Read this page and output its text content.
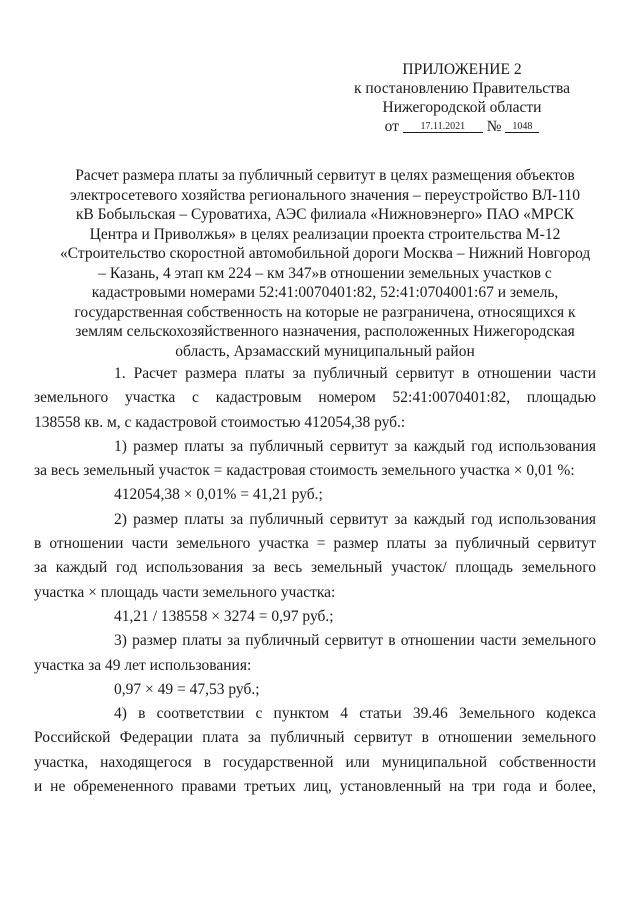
ПРИЛОЖЕНИЕ 2
к постановлению Правительства
Нижегородской области
от 17.11.2021 № 1048
Расчет размера платы за публичный сервитут в целях размещения объектов
электросетевого хозяйства регионального значения – переустройство ВЛ-110
кВ Бобыльская – Суроватиха, АЭС филиала «Нижновэнерго» ПАО «МРСК
Центра и Приволжья» в целях реализации проекта строительства М-12
«Строительство скоростной автомобильной дороги Москва – Нижний Новгород
– Казань, 4 этап км 224 – км 347»в отношении земельных участков с
кадастровыми номерами 52:41:0070401:82, 52:41:0704001:67 и земель,
государственная собственность на которые не разграничена, относящихся к
землям сельскохозяйственного назначения, расположенных Нижегородская
область, Арзамасский муниципальный район
1. Расчет размера платы за публичный сервитут в отношении части
земельного участка с кадастровым номером 52:41:0070401:82, площадью
138558 кв. м, с кадастровой стоимостью 412054,38 руб.:
1) размер платы за публичный сервитут за каждый год использования
за весь земельный участок = кадастровая стоимость земельного участка × 0,01 %:

412054,38 × 0,01% = 41,21 руб.;

2) размер платы за публичный сервитут за каждый год использования
в отношении части земельного участка = размер платы за публичный сервитут
за каждый год использования за весь земельный участок/ площадь земельного
участка × площадь части земельного участка:

41,21 / 138558 × 3274 = 0,97 руб.;

3) размер платы за публичный сервитут в отношении части земельного
участка за 49 лет использования:

0,97 × 49 = 47,53 руб.;

4) в соответствии с пунктом 4 статьи 39.46 Земельного кодекса
Российской Федерации плата за публичный сервитут в отношении земельного
участка, находящегося в государственной или муниципальной собственности
и не обремененного правами третьих лиц, установленный на три года и более,
